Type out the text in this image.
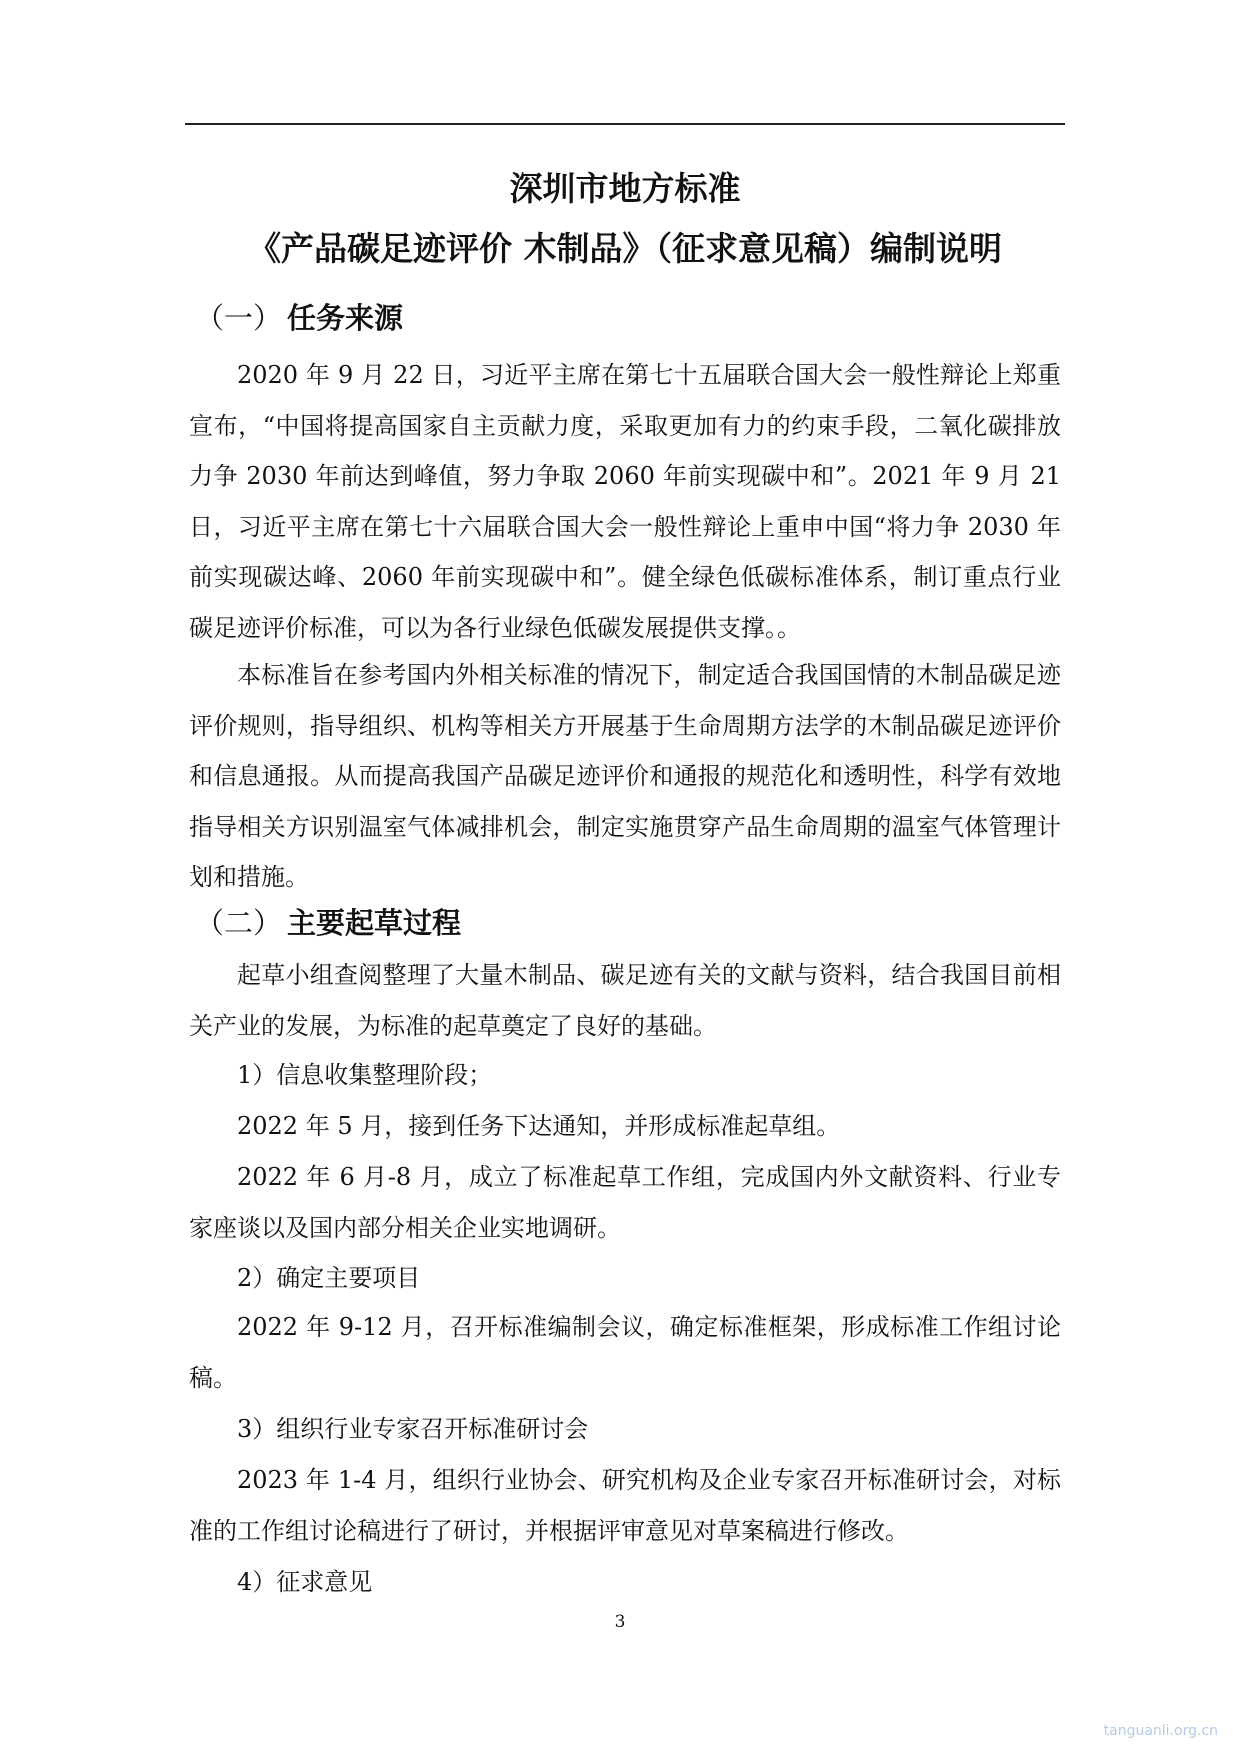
深圳市地方标准
《产品碳足迹评价 木制品》（征求意见稿）编制说明
（一） 任务来源

2020 年 9 月 22 日，习近平主席在第七十五届联合国大会一般性辩论上郑重宣布，“中国将提高国家自主贡献力度，采取更加有力的约束手段，二氧化碳排放力争 2030 年前达到峰值，努力争取 2060 年前实现碳中和”。2021 年 9 月 21 日，习近平主席在第七十六届联合国大会一般性辩论上重申中国“将力争 2030 年前实现碳达峰、2060 年前实现碳中和”。健全绿色低碳标准体系，制订重点行业碳足迹评价标准，可以为各行业绿色低碳发展提供支撑。。

本标准旨在参考国内外相关标准的情况下，制定适合我国国情的木制品碳足迹评价规则，指导组织、机构等相关方开展基于生命周期方法学的木制品碳足迹评价和信息通报。从而提高我国产品碳足迹评价和通报的规范化和透明性，科学有效地指导相关方识别温室气体减排机会，制定实施贯穿产品生命周期的温室气体管理计划和措施。

（二） 主要起草过程

起草小组查阅整理了大量木制品、碳足迹有关的文献与资料，结合我国目前相关产业的发展，为标准的起草奠定了良好的基础。

1）信息收集整理阶段；

2022 年 5 月，接到任务下达通知，并形成标准起草组。

2022 年 6 月-8 月，成立了标准起草工作组，完成国内外文献资料、行业专家座谈以及国内部分相关企业实地调研。

2）确定主要项目

2022 年 9-12 月，召开标准编制会议，确定标准框架，形成标准工作组讨论稿。

3）组织行业专家召开标准研讨会

2023 年 1-4 月，组织行业协会、研究机构及企业专家召开标准研讨会，对标准的工作组讨论稿进行了研讨，并根据评审意见对草案稿进行修改。

4）征求意见

3
tanguanli.org.cn
